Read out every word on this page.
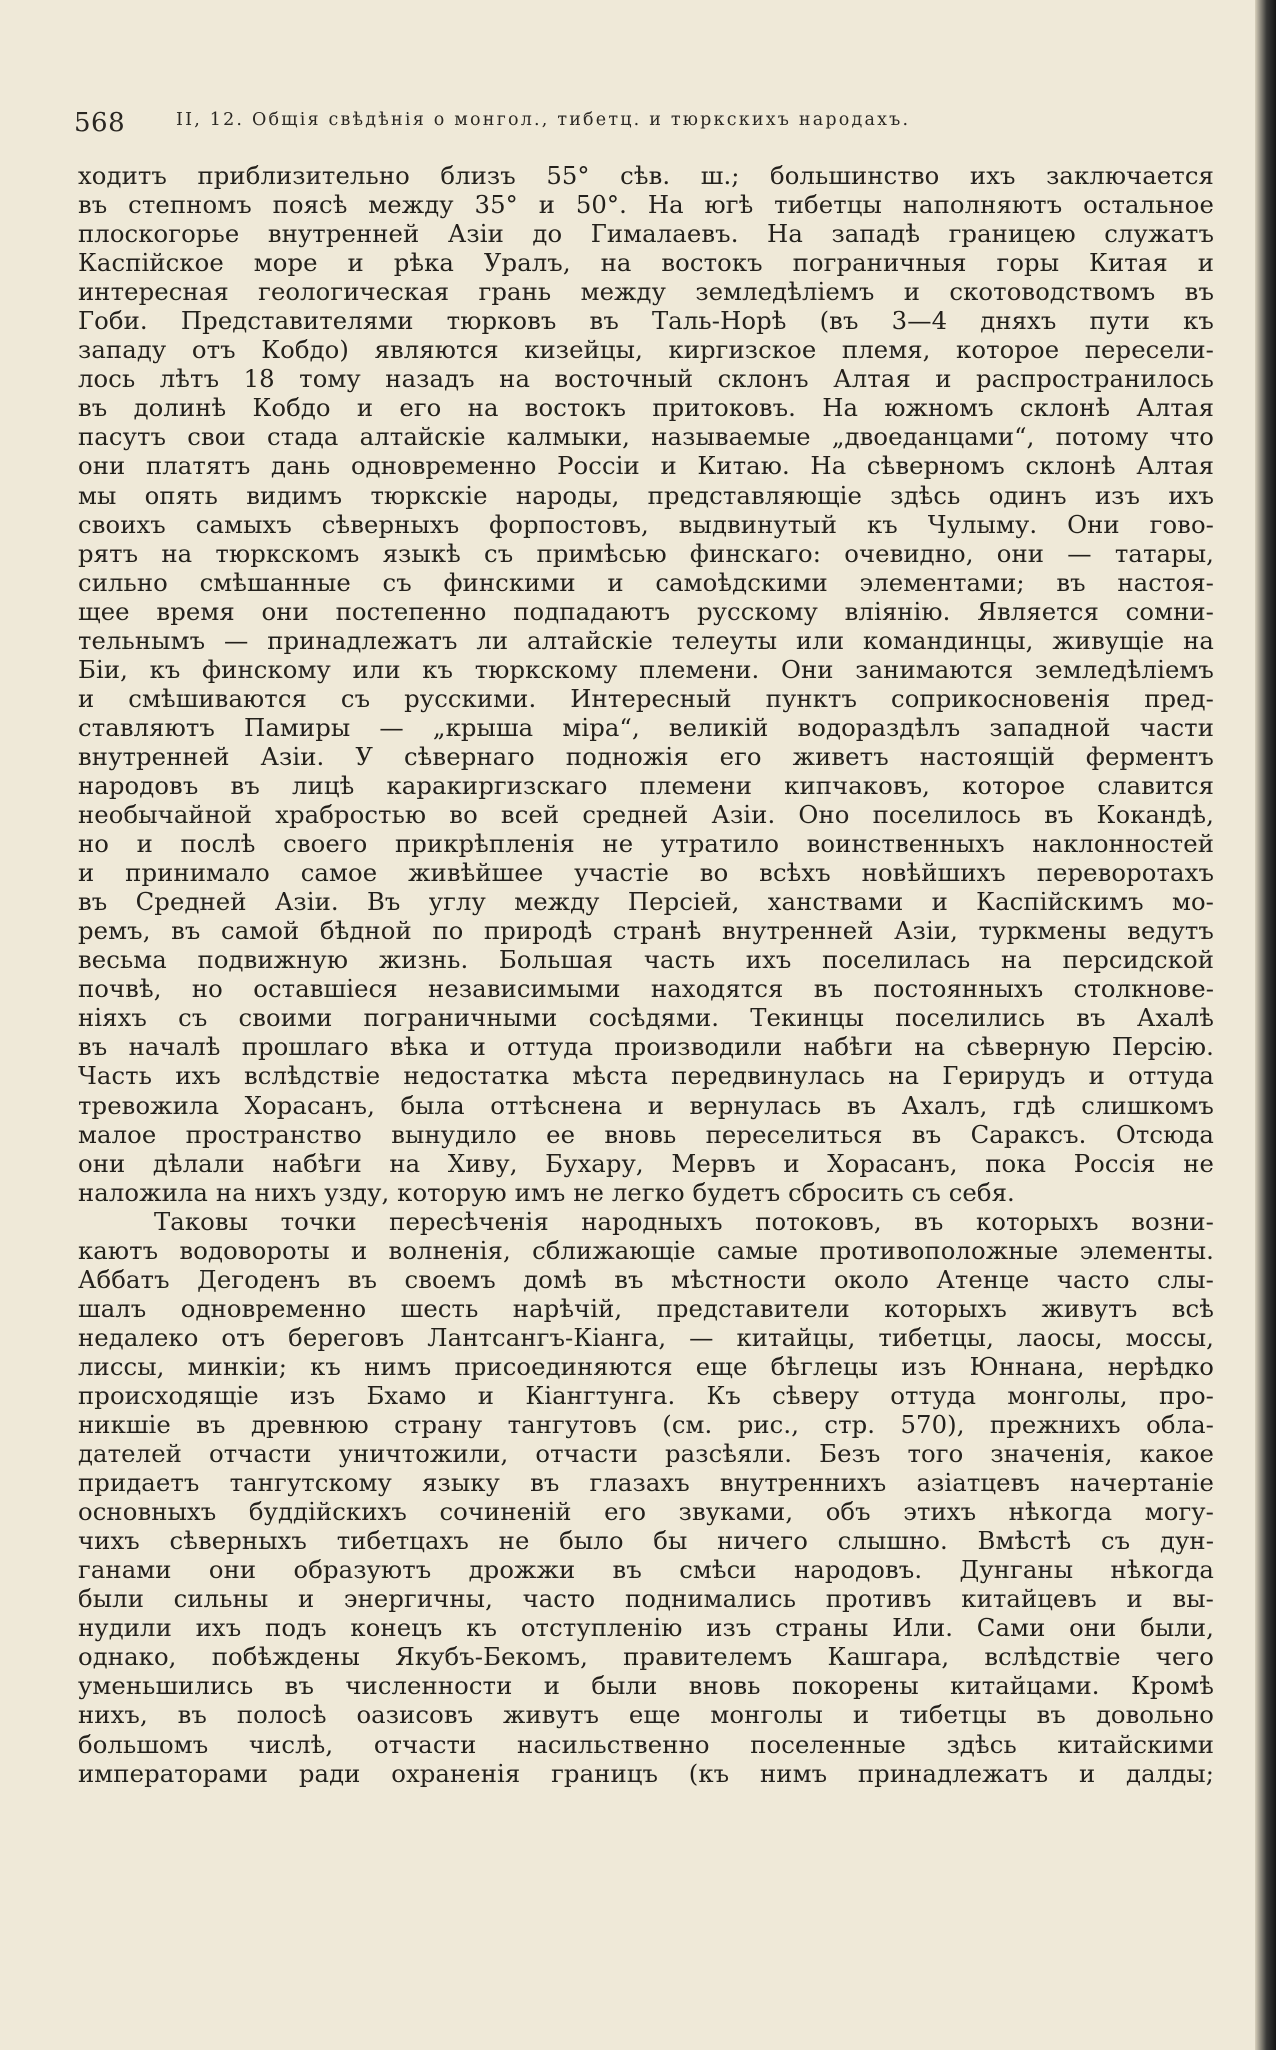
568	II, 12. Общія свѣдѣнія о монгол., тибетц. и тюркскихъ народахъ.
ходитъ приблизительно близъ 55° сѣв. ш.; большинство ихъ заключается
въ степномъ поясѣ между 35° и 50°. На югѣ тибетцы наполняютъ остальное
плоскогорье внутренней Азіи до Гималаевъ. На западѣ границею служатъ
Каспійское море и рѣка Уралъ, на востокъ пограничныя горы Китая и
интересная геологическая грань между земледѣліемъ и скотоводствомъ въ
Гоби. Представителями тюрковъ въ Таль-Норѣ (въ 3—4 дняхъ пути къ
западу отъ Кобдо) являются кизейцы, киргизское племя, которое пересели-
лось лѣтъ 18 тому назадъ на восточный склонъ Алтая и распространилось
въ долинѣ Кобдо и его на востокъ притоковъ. На южномъ склонѣ Алтая
пасутъ свои стада алтайскіе калмыки, называемые „двоеданцами“, потому что
они платятъ дань одновременно Россіи и Китаю. На сѣверномъ склонѣ Алтая
мы опять видимъ тюркскіе народы, представляющіе здѣсь одинъ изъ ихъ
своихъ самыхъ сѣверныхъ форпостовъ, выдвинутый къ Чулыму. Они гово-
рятъ на тюркскомъ языкѣ съ примѣсью финскаго: очевидно, они — татары,
сильно смѣшанные съ финскими и самоѣдскими элементами; въ настоя-
щее время они постепенно подпадаютъ русскому вліянію. Является сомни-
тельнымъ — принадлежатъ ли алтайскіе телеуты или командинцы, живущіе на
Біи, къ финскому или къ тюркскому племени. Они занимаются земледѣліемъ
и смѣшиваются съ русскими. Интересный пунктъ соприкосновенія пред-
ставляютъ Памиры — „крыша міра“, великій водораздѣлъ западной части
внутренней Азіи. У сѣвернаго подножія его живетъ настоящій ферментъ
народовъ въ лицѣ каракиргизскаго племени кипчаковъ, которое славится
необычайной храбростью во всей средней Азіи. Оно поселилось въ Кокандѣ,
но и послѣ своего прикрѣпленія не утратило воинственныхъ наклонностей
и принимало самое живѣйшее участіе во всѣхъ новѣйшихъ переворотахъ
въ Средней Азіи. Въ углу между Персіей, ханствами и Каспійскимъ мо-
ремъ, въ самой бѣдной по природѣ странѣ внутренней Азіи, туркмены ведутъ
весьма подвижную жизнь. Большая часть ихъ поселилась на персидской
почвѣ, но оставшіеся независимыми находятся въ постоянныхъ столкнове-
ніяхъ съ своими пограничными сосѣдями. Текинцы поселились въ Ахалѣ
въ началѣ прошлаго вѣка и оттуда производили набѣги на сѣверную Персію.
Часть ихъ вслѣдствіе недостатка мѣста передвинулась на Герирудъ и оттуда
тревожила Хорасанъ, была оттѣснена и вернулась въ Ахалъ, гдѣ слишкомъ
малое пространство вынудило ее вновь переселиться въ Сараксъ. Отсюда
они дѣлали набѣги на Хиву, Бухару, Мервъ и Хорасанъ, пока Россія не
наложила на нихъ узду, которую имъ не легко будетъ сбросить съ себя.
Таковы точки пересѣченія народныхъ потоковъ, въ которыхъ возни-
каютъ водовороты и волненія, сближающіе самые противоположные элементы.
Аббатъ Дегоденъ въ своемъ домѣ въ мѣстности около Атенце часто слы-
шалъ одновременно шесть нарѣчій, представители которыхъ живутъ всѣ
недалеко отъ береговъ Лантсангъ-Кіанга, — китайцы, тибетцы, лаосы, моссы,
лиссы, минкіи; къ нимъ присоединяются еще бѣглецы изъ Юннана, нерѣдко
происходящіе изъ Бхамо и Кіангтунга. Къ сѣверу оттуда монголы, про-
никшіе въ древнюю страну тангутовъ (см. рис., стр. 570), прежнихъ обла-
дателей отчасти уничтожили, отчасти разсѣяли. Безъ того значенія, какое
придаетъ тангутскому языку въ глазахъ внутреннихъ азіатцевъ начертаніе
основныхъ буддійскихъ сочиненій его звуками, объ этихъ нѣкогда могу-
чихъ сѣверныхъ тибетцахъ не было бы ничего слышно. Вмѣстѣ съ дун-
ганами они образуютъ дрожжи въ смѣси народовъ. Дунганы нѣкогда
были сильны и энергичны, часто поднимались противъ китайцевъ и вы-
нудили ихъ подъ конецъ къ отступленію изъ страны Или. Сами они были,
однако, побѣждены Якубъ-Бекомъ, правителемъ Кашгара, вслѣдствіе чего
уменьшились въ численности и были вновь покорены китайцами. Кромѣ
нихъ, въ полосѣ оазисовъ живутъ еще монголы и тибетцы въ довольно
большомъ числѣ, отчасти насильственно поселенные здѣсь китайскими
императорами ради охраненія границъ (къ нимъ принадлежатъ и далды;
